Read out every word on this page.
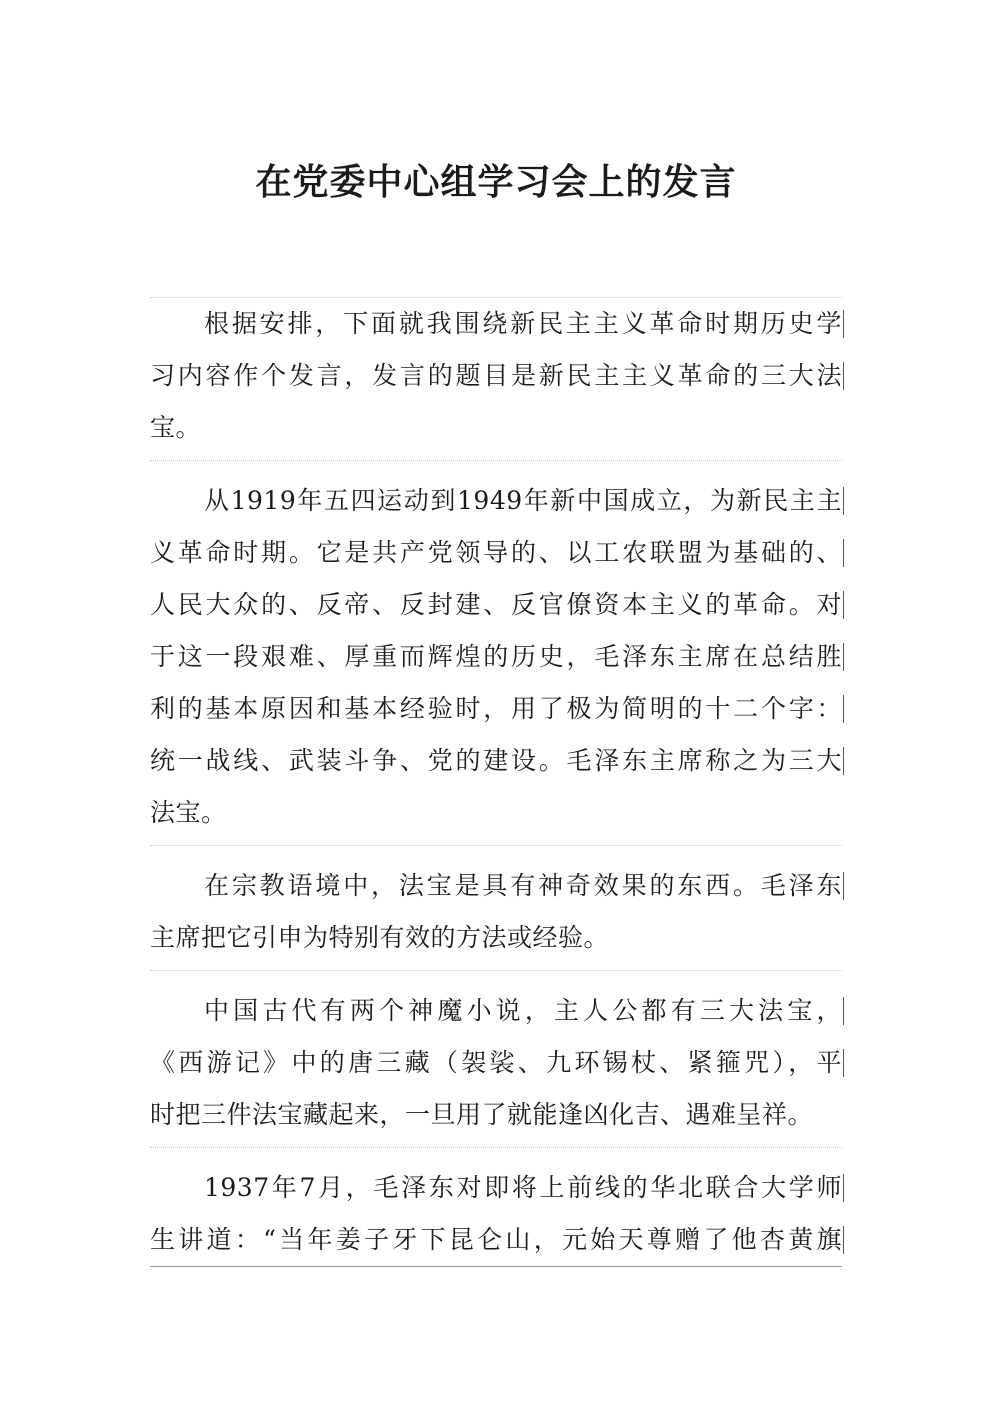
在党委中心组学习会上的发言
根据安排，下面就我围绕新民主主义革命时期历史学
习内容作个发言，发言的题目是新民主主义革命的三大法
宝。
从1919年五四运动到1949年新中国成立，为新民主主
义革命时期。它是共产党领导的、以工农联盟为基础的、
人民大众的、反帝、反封建、反官僚资本主义的革命。对
于这一段艰难、厚重而辉煌的历史，毛泽东主席在总结胜
利的基本原因和基本经验时，用了极为简明的十二个字：
统一战线、武装斗争、党的建设。毛泽东主席称之为三大
法宝。
在宗教语境中，法宝是具有神奇效果的东西。毛泽东
主席把它引申为特别有效的方法或经验。
中国古代有两个神魔小说，主人公都有三大法宝，
《西游记》中的唐三藏（袈裟、九环锡杖、紧箍咒），平
时把三件法宝藏起来，一旦用了就能逢凶化吉、遇难呈祥。
1937年7月，毛泽东对即将上前线的华北联合大学师
生讲道：“当年姜子牙下昆仑山，元始天尊赠了他杏黄旗
